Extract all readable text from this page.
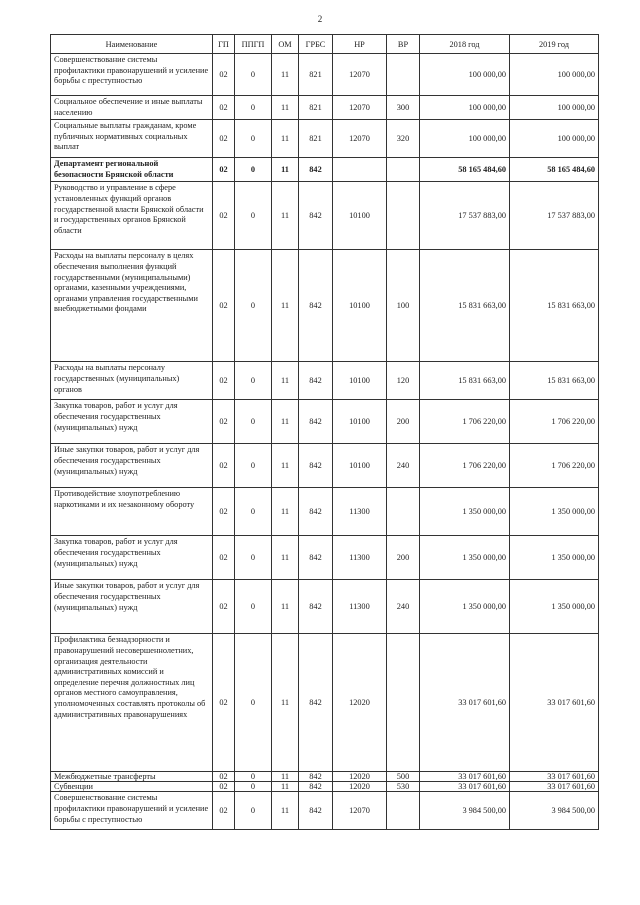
2
Наименование	ГП	ППГП	ОМ	ГРБС	НР	ВР	2018 год	2019 год
Совершенствование системы профилактики правонарушений и усиление борьбы с преступностью	02	0	11	821	12070		100 000,00	100 000,00
Социальное обеспечение и иные выплаты населению	02	0	11	821	12070	300	100 000,00	100 000,00
Социальные выплаты гражданам, кроме публичных нормативных социальных выплат	02	0	11	821	12070	320	100 000,00	100 000,00
Департамент региональной безопасности Брянской области	02	0	11	842			58 165 484,60	58 165 484,60
Руководство и управление в сфере установленных функций органов государственной власти Брянской области и государственных органов Брянской области	02	0	11	842	10100		17 537 883,00	17 537 883,00
Расходы на выплаты персоналу в целях обеспечения выполнения функций государственными (муниципальными) органами, казенными учреждениями, органами управления государственными внебюджетными фондами	02	0	11	842	10100	100	15 831 663,00	15 831 663,00
Расходы на выплаты персоналу государственных (муниципальных) органов	02	0	11	842	10100	120	15 831 663,00	15 831 663,00
Закупка товаров, работ и услуг для обеспечения государственных (муниципальных) нужд	02	0	11	842	10100	200	1 706 220,00	1 706 220,00
Иные закупки товаров, работ и услуг для обеспечения государственных (муниципальных) нужд	02	0	11	842	10100	240	1 706 220,00	1 706 220,00
Противодействие злоупотреблению наркотиками и их незаконному обороту	02	0	11	842	11300		1 350 000,00	1 350 000,00
Закупка товаров, работ и услуг для обеспечения государственных (муниципальных) нужд	02	0	11	842	11300	200	1 350 000,00	1 350 000,00
Иные закупки товаров, работ и услуг для обеспечения государственных (муниципальных) нужд	02	0	11	842	11300	240	1 350 000,00	1 350 000,00
Профилактика безнадзорности и правонарушений несовершеннолетних, организация деятельности административных комиссий и определение перечня должностных лиц органов местного самоуправления, уполномоченных составлять протоколы об административных правонарушениях	02	0	11	842	12020		33 017 601,60	33 017 601,60
Межбюджетные трансферты	02	0	11	842	12020	500	33 017 601,60	33 017 601,60
Субвенции	02	0	11	842	12020	530	33 017 601,60	33 017 601,60
Совершенствование системы профилактики правонарушений и усиление борьбы с преступностью	02	0	11	842	12070		3 984 500,00	3 984 500,00
